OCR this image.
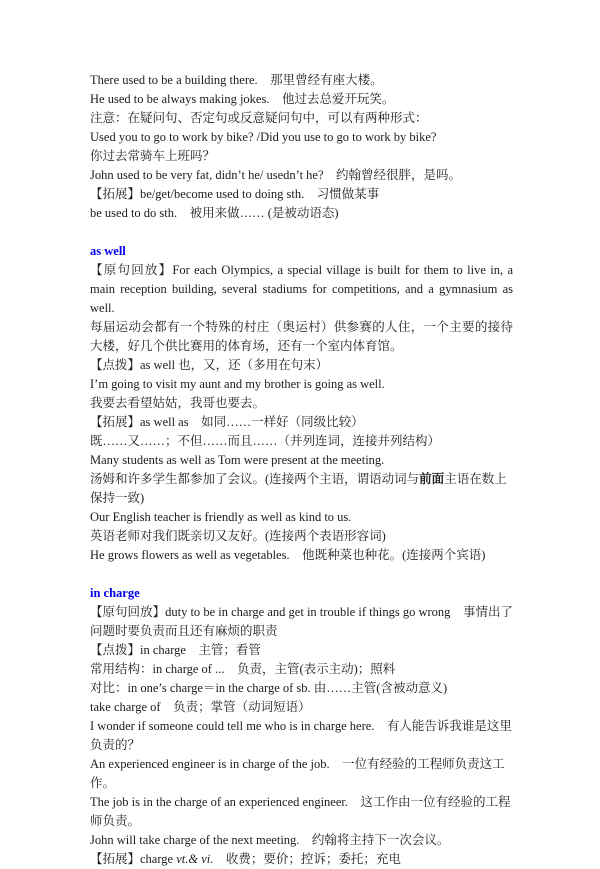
There used to be a building there.　那里曾经有座大楼。

He used to be always making jokes.　他过去总爱开玩笑。

注意：在疑问句、否定句或反意疑问句中，可以有两种形式：

Used you to go to work by bike? /Did you use to go to work by bike?

你过去常骑车上班吗？

John used to be very fat, didn’t he/ usedn’t he?　约翰曾经很胖，是吗。

【拓展】be/get/become used to doing sth.　习惯做某事

be used to do sth.　被用来做…… (是被动语态)

as well

【原句回放】For each Olympics, a special village is built for them to live in, a main reception building, several stadiums for competitions, and a gymnasium as well.

每届运动会都有一个特殊的村庄（奥运村）供参赛的人住，一个主要的接待大楼，好几个供比赛用的体育场，还有一个室内体育馆。

【点拨】as well 也，又，还（多用在句末）

I’m going to visit my aunt and my brother is going as well.

我要去看望姑姑，我哥也要去。

【拓展】as well as　如同……一样好（同级比较）

既……又……；不但……而且……（并列连词，连接并列结构）

Many students as well as Tom were present at the meeting.

汤姆和许多学生都参加了会议。(连接两个主语，谓语动词与前面主语在数上保持一致)

Our English teacher is friendly as well as kind to us.

英语老师对我们既亲切又友好。(连接两个表语形容词)

He grows flowers as well as vegetables.　他既种菜也种花。(连接两个宾语)

in charge

【原句回放】duty to be in charge and get in trouble if things go wrong　事情出了问题时要负责而且还有麻烦的职责

【点拨】in charge　主管；看管

常用结构：in charge of ...　负责，主管(表示主动)；照料

对比：in one’s charge＝in the charge of sb. 由……主管(含被动意义)

take charge of　负责；掌管（动词短语）

I wonder if someone could tell me who is in charge here.　有人能告诉我谁是这里负责的？

An experienced engineer is in charge of the job.　一位有经验的工程师负责这工作。

The job is in the charge of an experienced engineer.　这工作由一位有经验的工程师负责。

John will take charge of the next meeting.　约翰将主持下一次会议。

【拓展】charge vt.& vi.　收费；要价；控诉；委托；充电
